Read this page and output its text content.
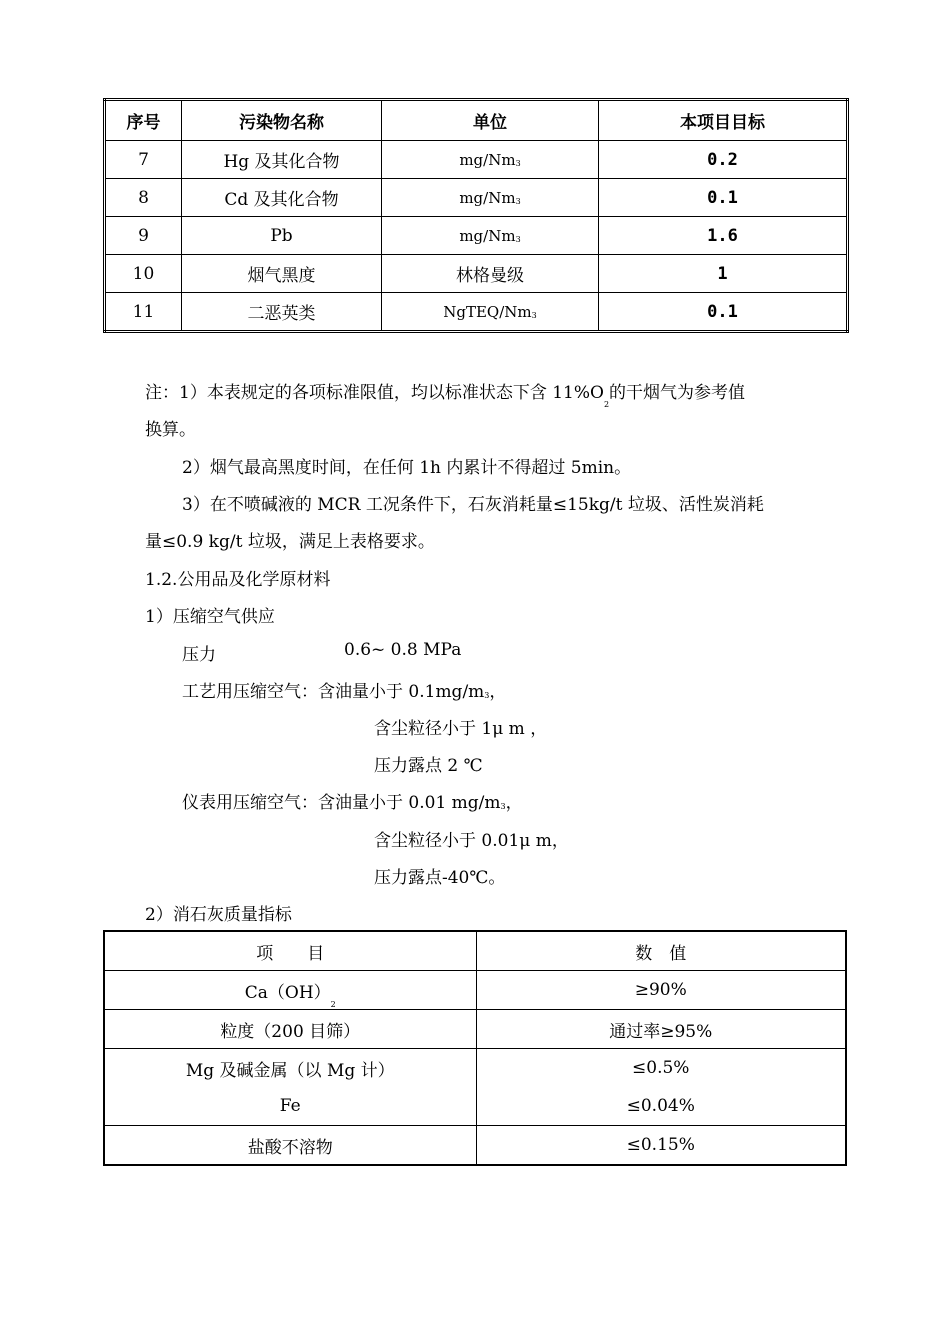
序号	污染物名称	单位	本项目目标
7	Hg 及其化合物	mg/Nm3	0.2
8	Cd 及其化合物	mg/Nm3	0.1
9	Pb	mg/Nm3	1.6
10	烟气黑度	林格曼级	1
11	二恶英类	NgTEQ/Nm3	0.1
注：1）本表规定的各项标准限值，均以标准状态下含 $11\%O_2$的干烟气为参考值
换算。
2）烟气最高黑度时间，在任何 1h 内累计不得超过 5min。
3）在不喷碱液的 MCR 工况条件下，石灰消耗量≤15kg/t 垃圾、活性炭消耗
量≤0.9 kg/t 垃圾，满足上表格要求。
1.2.公用品及化学原材料
1）压缩空气供应
压力	0.6~ 0.8 MPa
工艺用压缩空气：含油量小于 0.1mg/m3，
含尘粒径小于 1μ m ，
压力露点 2 ℃
仪表用压缩空气：含油量小于 0.01 mg/m3，
含尘粒径小于 0.01μ m，
压力露点-40℃。
2）消石灰质量指标
项　　目	数　值
$Ca(OH)_2$	≥90%
粒度（200 目筛）	通过率≥95%
Mg 及碱金属（以 Mg 计）	≤0.5%
Fe	≤0.04%
盐酸不溶物	≤0.15%
